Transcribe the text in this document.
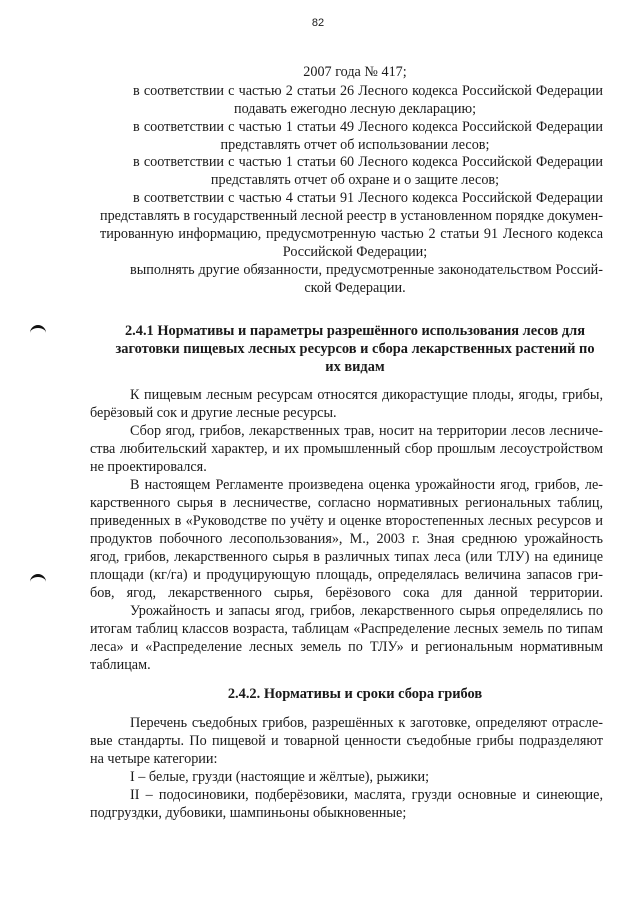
82
2007 года № 417;
в соответствии с частью 2 статьи 26 Лесного кодекса Российской Федерации
подавать ежегодно лесную декларацию;
в соответствии с частью 1 статьи 49 Лесного кодекса Российской Федерации
представлять отчет об использовании лесов;
в соответствии с частью 1 статьи 60 Лесного кодекса Российской Федерации
представлять отчет об охране и о защите лесов;
в соответствии с частью 4 статьи 91 Лесного кодекса Российской Федерации
представлять в государственный лесной реестр в установленном порядке докумен-
тированную информацию, предусмотренную частью 2 статьи 91 Лесного кодекса
Российской Федерации;
выполнять другие обязанности, предусмотренные законодательством Россий-
ской Федерации.
2.4.1 Нормативы и параметры разрешённого использования лесов для
заготовки пищевых лесных ресурсов и сбора лекарственных растений по
их видам
К пищевым лесным ресурсам относятся дикорастущие плоды, ягоды, грибы,
берёзовый сок и другие лесные ресурсы.
Сбор ягод, грибов, лекарственных трав, носит на территории лесов лесниче-
ства любительский характер, и их промышленный сбор прошлым лесоустройством
не проектировался.
В настоящем Регламенте произведена оценка урожайности ягод, грибов, ле-
карственного сырья в лесничестве, согласно нормативных региональных таблиц,
приведенных в «Руководстве по учёту и оценке второстепенных лесных ресурсов и
продуктов побочного лесопользования», М., 2003 г. Зная среднюю урожайность
ягод, грибов, лекарственного сырья в различных типах леса (или ТЛУ) на единице
площади (кг/га) и продуцирующую площадь, определялась величина запасов гри-
бов, ягод, лекарственного сырья, берёзового сока для данной территории.
Урожайность и запасы ягод, грибов, лекарственного сырья определялись по
итогам таблиц классов возраста, таблицам «Распределение лесных земель по типам
леса» и «Распределение лесных земель по ТЛУ» и региональным нормативным
таблицам.
2.4.2. Нормативы и сроки сбора грибов
Перечень съедобных грибов, разрешённых к заготовке, определяют отрасле-
вые стандарты. По пищевой и товарной ценности съедобные грибы подразделяют
на четыре категории:
I – белые, грузди (настоящие и жёлтые), рыжики;
II – подосиновики, подберёзовики, маслята, грузди основные и синеющие,
подгруздки, дубовики, шампиньоны обыкновенные;
